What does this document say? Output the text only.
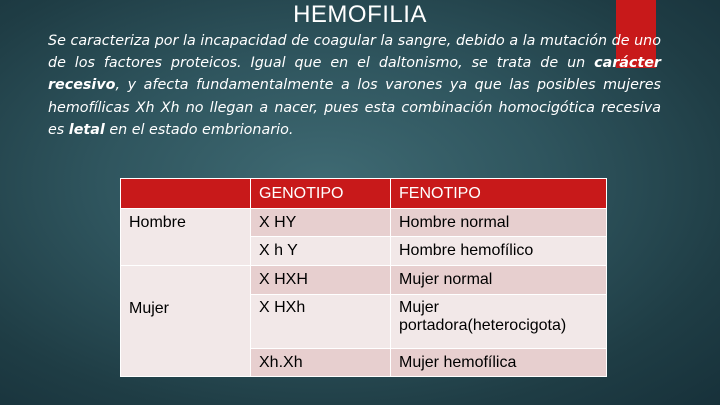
HEMOFILIA
Se caracteriza por la incapacidad de coagular la sangre, debido a la mutación de uno de los factores proteicos. Igual que en el daltonismo, se trata de un carácter recesivo, y afecta fundamentalmente a los varones ya que las posibles mujeres hemofílicas Xh Xh no llegan a nacer, pues esta combinación homocigótica recesiva es letal en el estado embrionario.
	GENOTIPO	FENOTIPO
Hombre	X HY	Hombre normal
	X h Y	Hombre hemofílico
Mujer	X HXH	Mujer normal
	X HXh	Mujer portadora(heterocigota)
	Xh.Xh	Mujer hemofílica
